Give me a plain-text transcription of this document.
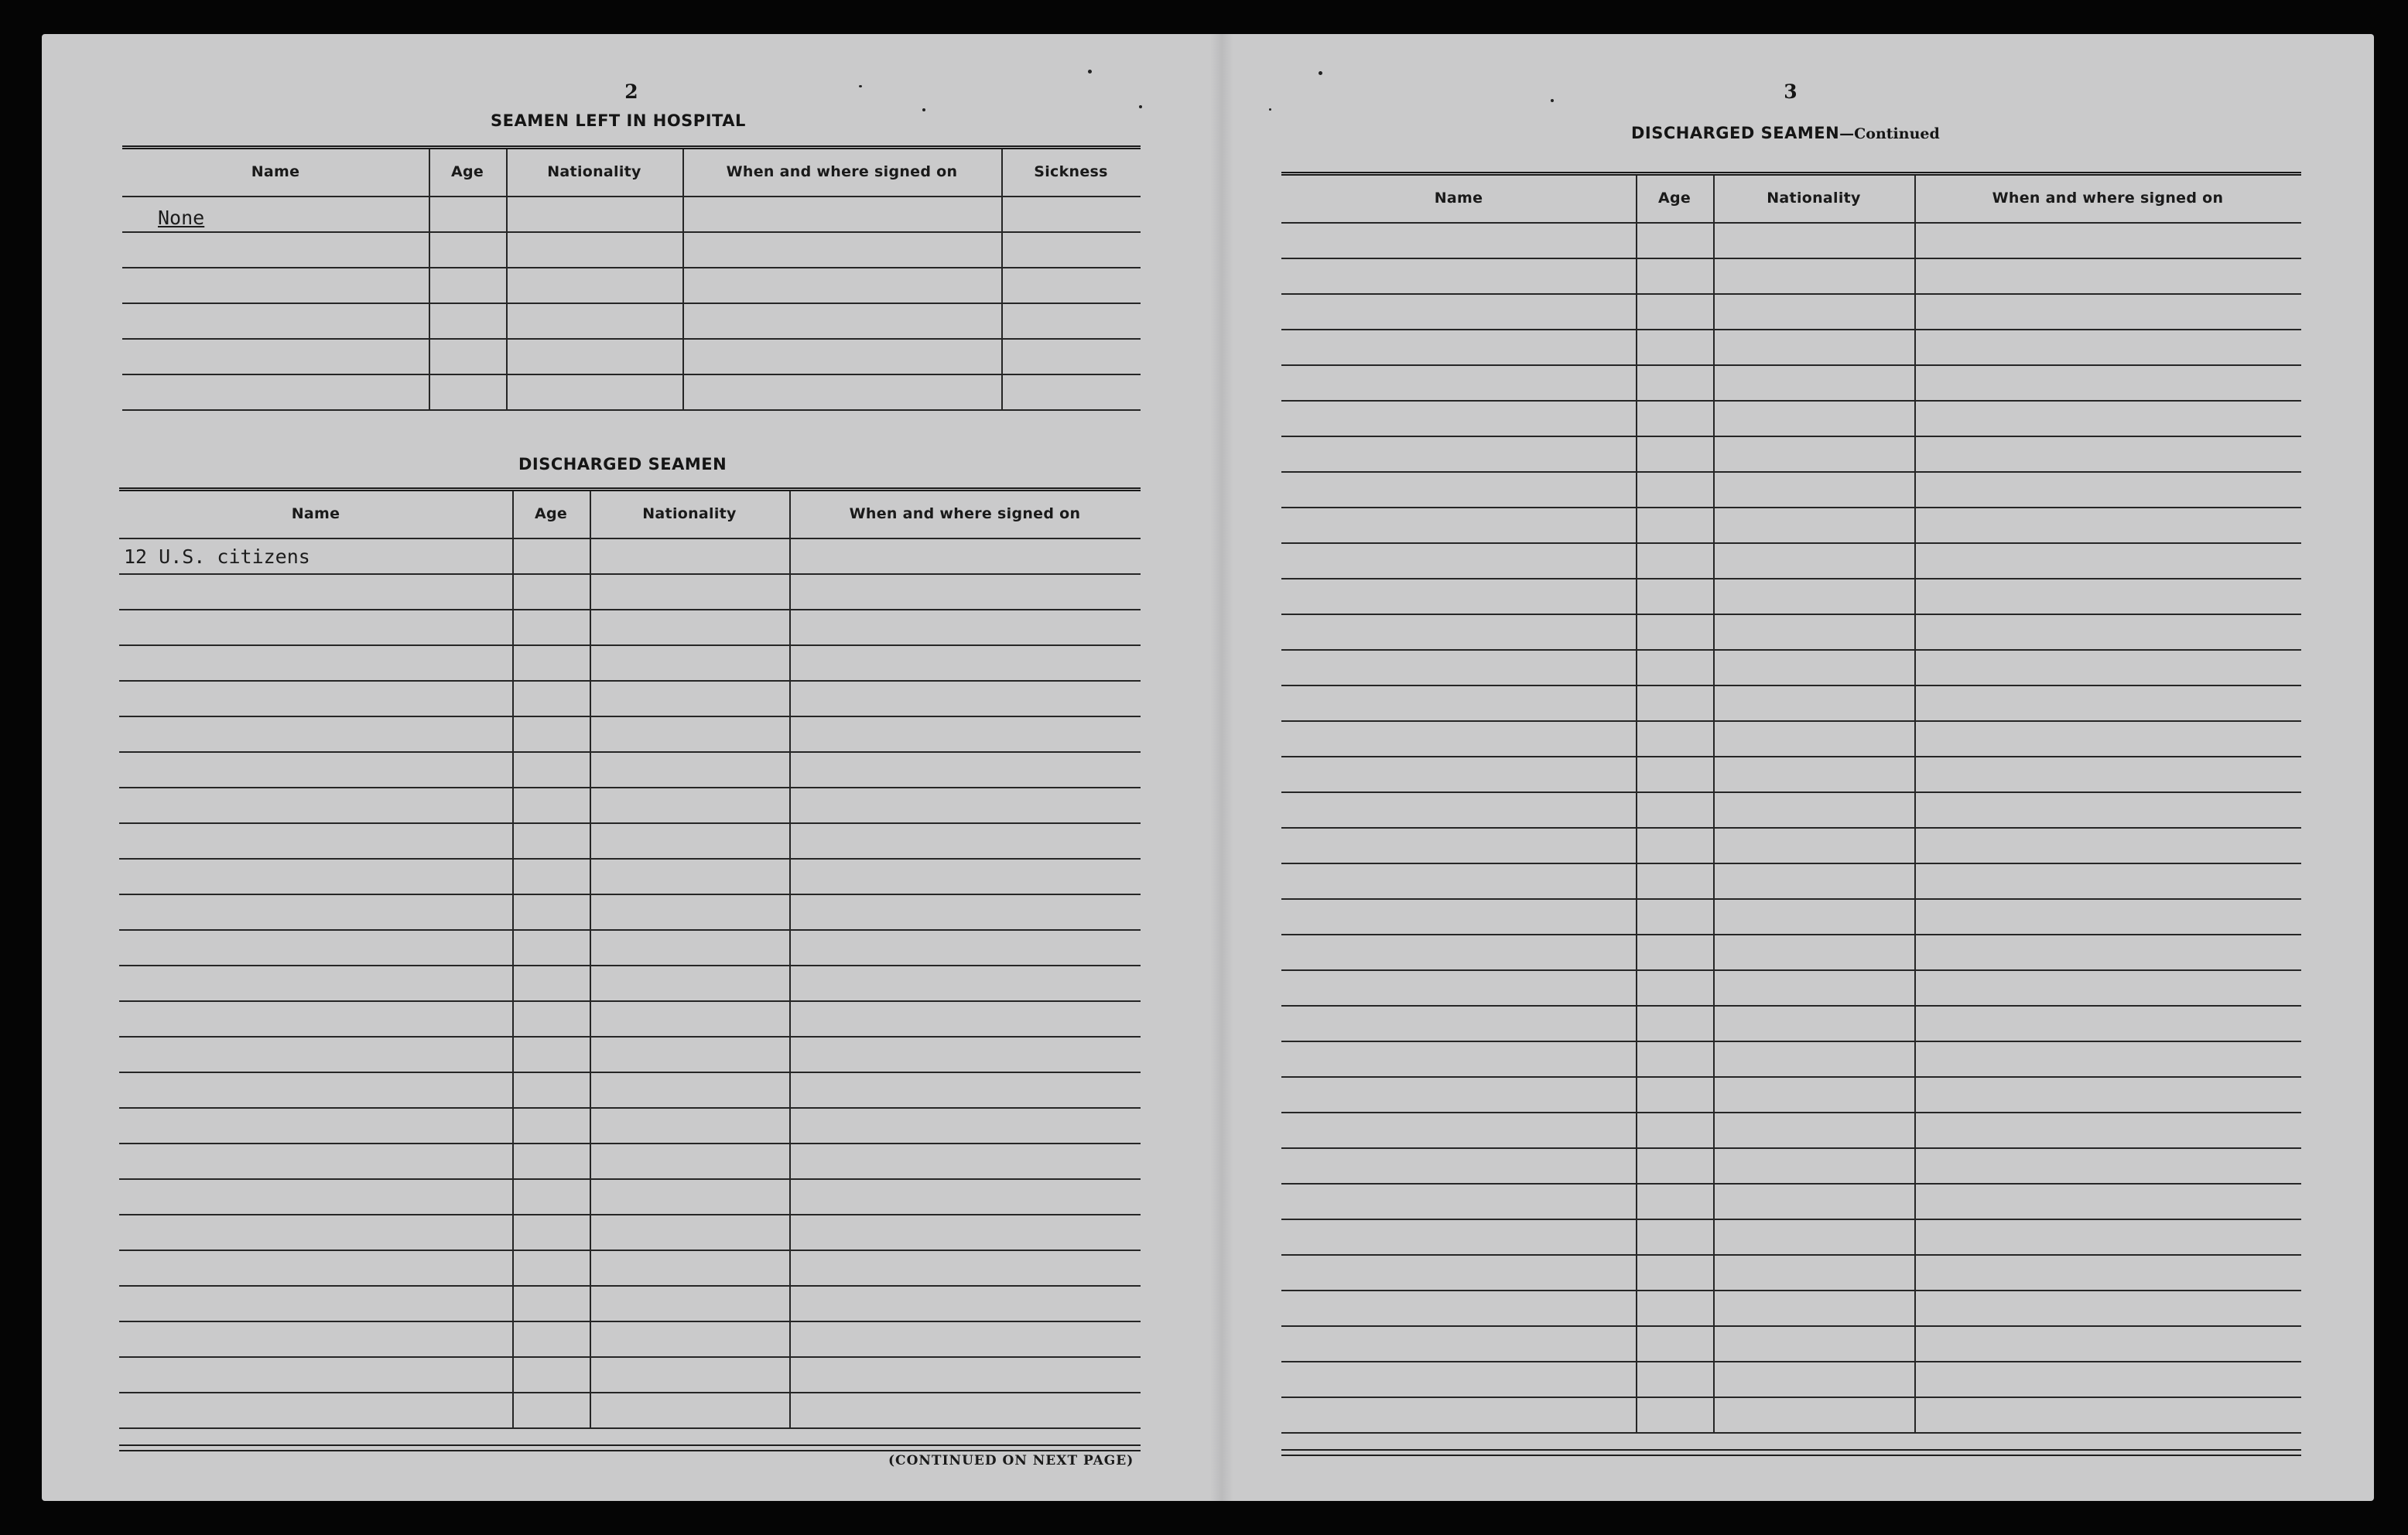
2
SEAMEN LEFT IN HOSPITAL
Name	Age	Nationality	When and where signed on	Sickness
None
DISCHARGED SEAMEN
Name	Age	Nationality	When and where signed on
12 U.S. citizens
(CONTINUED ON NEXT PAGE)
3
DISCHARGED SEAMEN—Continued
Name	Age	Nationality	When and where signed on
